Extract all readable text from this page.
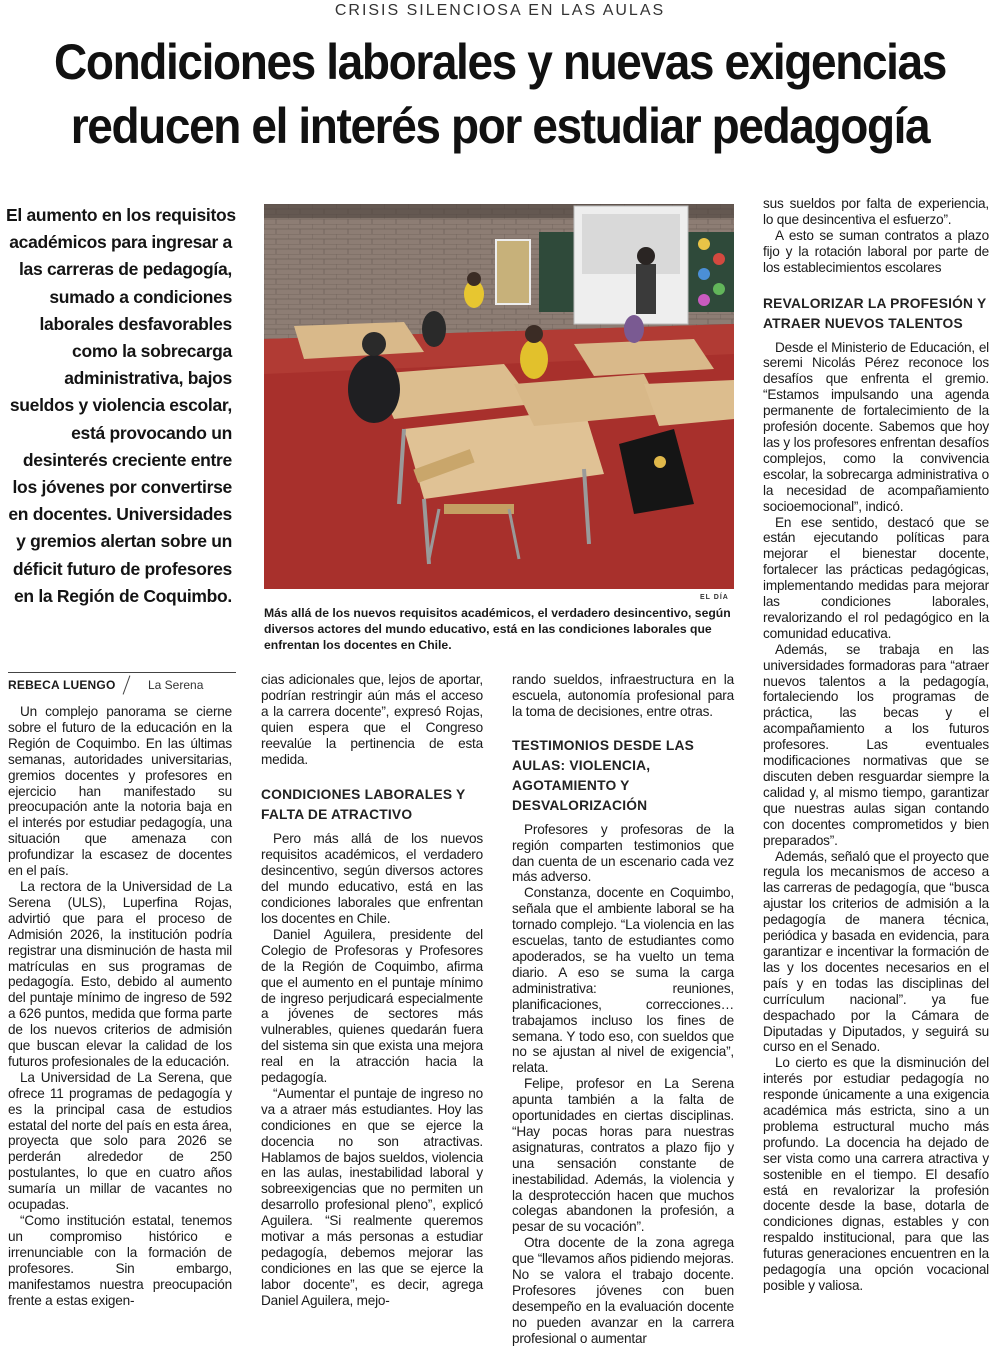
CRISIS SILENCIOSA EN LAS AULAS
Condiciones laborales y nuevas exigencias
reducen el interés por estudiar pedagogía
El aumento en los requisitos
académicos para ingresar a
las carreras de pedagogía,
sumado a condiciones
laborales desfavorables
como la sobrecarga
administrativa, bajos
sueldos y violencia escolar,
está provocando un
desinterés creciente entre
los jóvenes por convertirse
en docentes. Universidades
y gremios alertan sobre un
déficit futuro de profesores
en la Región de Coquimbo.	EL DÍA
Más allá de los nuevos requisitos académicos, el verdadero desincentivo, según diversos actores del mundo educativo, está en las condiciones laborales que enfrentan los docentes en Chile.
REBECA LUENGO	La Serena

Un complejo panorama se cierne sobre el futuro de la educación en la Región de Coquimbo. En las últimas semanas, autoridades universitarias, gremios docentes y profesores en ejercicio han manifestado su preocupación ante la notoria baja en el interés por estudiar pedagogía, una situación que amenaza con profundizar la escasez de docentes en el país.

La rectora de la Universidad de La Serena (ULS), Luperfina Rojas, advirtió que para el proceso de Admisión 2026, la institución podría registrar una disminución de hasta mil matrículas en sus programas de pedagogía. Esto, debido al aumento del puntaje mínimo de ingreso de 592 a 626 puntos, medida que forma parte de los nuevos criterios de admisión que buscan elevar la calidad de los futuros profesionales de la educación.

La Universidad de La Serena, que ofrece 11 programas de pedagogía y es la principal casa de estudios estatal del norte del país en esta área, proyecta que solo para 2026 se perderán alrededor de 250 postulantes, lo que en cuatro años sumaría un millar de vacantes no ocupadas.

“Como institución estatal, tenemos un compromiso histórico e irrenunciable con la formación de profesores. Sin embargo, manifestamos nuestra preocupación frente a estas exigen-

cias adicionales que, lejos de aportar, podrían restringir aún más el acceso a la carrera docente”, expresó Rojas, quien espera que el Congreso reevalúe la pertinencia de esta medida.

CONDICIONES LABORALES Y FALTA DE ATRACTIVO

Pero más allá de los nuevos requisitos académicos, el verdadero desincentivo, según diversos actores del mundo educativo, está en las condiciones laborales que enfrentan los docentes en Chile.

Daniel Aguilera, presidente del Colegio de Profesoras y Profesores de la Región de Coquimbo, afirma que el aumento en el puntaje mínimo de ingreso perjudicará especialmente a jóvenes de sectores más vulnerables, quienes quedarán fuera del sistema sin que exista una mejora real en la atracción hacia la pedagogía.

“Aumentar el puntaje de ingreso no va a atraer más estudiantes. Hoy las condiciones en que se ejerce la docencia no son atractivas. Hablamos de bajos sueldos, violencia en las aulas, inestabilidad laboral y sobreexigencias que no permiten un desarrollo profesional pleno”, explicó Aguilera. “Si realmente queremos motivar a más personas a estudiar pedagogía, debemos mejorar las condiciones en las que se ejerce la labor docente”, es decir, agrega Daniel Aguilera, mejo-

rando sueldos, infraestructura en la escuela, autonomía profesional para la toma de decisiones, entre otras.

TESTIMONIOS DESDE LAS AULAS: VIOLENCIA, AGOTAMIENTO Y DESVALORIZACIÓN

Profesores y profesoras de la región comparten testimonios que dan cuenta de un escenario cada vez más adverso.

Constanza, docente en Coquimbo, señala que el ambiente laboral se ha tornado complejo. “La violencia en las escuelas, tanto de estudiantes como apoderados, se ha vuelto un tema diario. A eso se suma la carga administrativa: reuniones, planificaciones, correcciones… trabajamos incluso los fines de semana. Y todo eso, con sueldos que no se ajustan al nivel de exigencia”, relata.

Felipe, profesor en La Serena apunta también a la falta de oportunidades en ciertas disciplinas. “Hay pocas horas para nuestras asignaturas, contratos a plazo fijo y una sensación constante de inestabilidad. Además, la violencia y la desprotección hacen que muchos colegas abandonen la profesión, a pesar de su vocación”.

Otra docente de la zona agrega que “llevamos años pidiendo mejoras. No se valora el trabajo docente. Profesores jóvenes con buen desempeño en la evaluación docente no pueden avanzar en la carrera profesional o aumentar

sus sueldos por falta de experiencia, lo que desincentiva el esfuerzo”.

A esto se suman contratos a plazo fijo y la rotación laboral por parte de los establecimientos escolares

REVALORIZAR LA PROFESIÓN Y ATRAER NUEVOS TALENTOS

Desde el Ministerio de Educación, el seremi Nicolás Pérez reconoce los desafíos que enfrenta el gremio. “Estamos impulsando una agenda permanente de fortalecimiento de la profesión docente. Sabemos que hoy las y los profesores enfrentan desafíos complejos, como la convivencia escolar, la sobrecarga administrativa o la necesidad de acompañamiento socioemocional”, indicó.

En ese sentido, destacó que se están ejecutando políticas para mejorar el bienestar docente, fortalecer las prácticas pedagógicas, implementando medidas para mejorar las condiciones laborales, revalorizando el rol pedagógico en la comunidad educativa.

Además, se trabaja en las universidades formadoras para “atraer nuevos talentos a la pedagogía, fortaleciendo los programas de práctica, las becas y el acompañamiento a los futuros profesores. Las eventuales modificaciones normativas que se discuten deben resguardar siempre la calidad y, al mismo tiempo, garantizar que nuestras aulas sigan contando con docentes comprometidos y bien preparados”.

Además, señaló que el proyecto que regula los mecanismos de acceso a las carreras de pedagogía, que “busca ajustar los criterios de admisión a la pedagogía de manera técnica, periódica y basada en evidencia, para garantizar e incentivar la formación de las y los docentes necesarios en el país y en todas las disciplinas del currículum nacional”. ya fue despachado por la Cámara de Diputadas y Diputados, y seguirá su curso en el Senado.

Lo cierto es que la disminución del interés por estudiar pedagogía no responde únicamente a una exigencia académica más estricta, sino a un problema estructural mucho más profundo. La docencia ha dejado de ser vista como una carrera atractiva y sostenible en el tiempo. El desafío está en revalorizar la profesión docente desde la base, dotarla de condiciones dignas, estables y con respaldo institucional, para que las futuras generaciones encuentren en la pedagogía una opción vocacional posible y valiosa.
